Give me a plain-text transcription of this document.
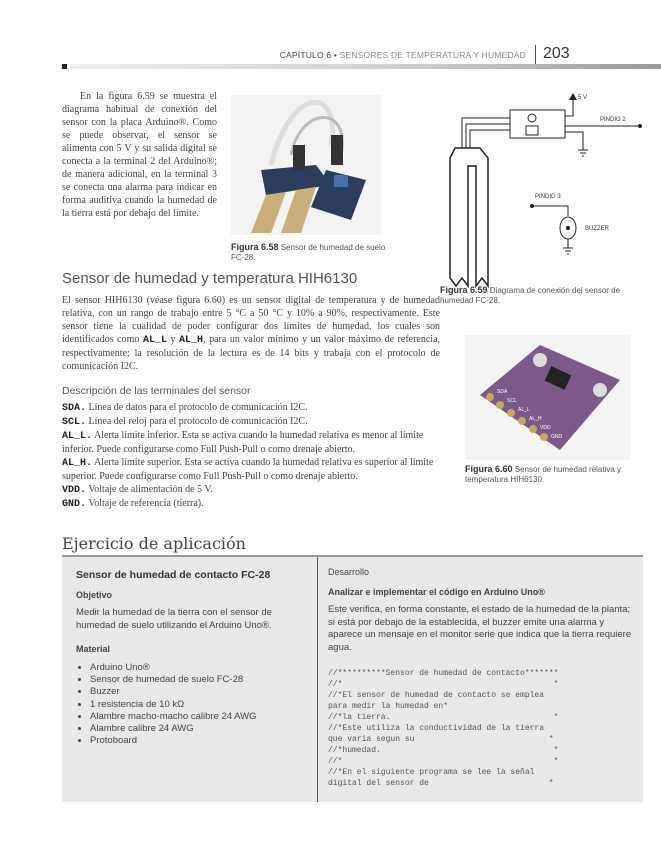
CAPÍTULO 6 • SENSORES DE TEMPERATURA Y HUMEDAD 203
En la figura 6.59 se muestra el diagrama habitual de conexión del sensor con la placa Arduino®. Como se puede observar, el sensor se alimenta con 5 V y su salida digital se conecta a la terminal 2 del Arduino®; de manera adicional, en la terminal 3 se conecta una alarma para indicar en forma auditiva cuando la humedad de la tierra está por debajo del límite.
Figura 6.58 Sensor de humedad de suelo FC-28.
5 V
PINDIG 2
PINDIG 3
BUZZER
Figura 6.59 Diagrama de conexión del sensor de humedad FC-28.
Sensor de humedad y temperatura HIH6130
El sensor HIH6130 (véase figura 6.60) es un sensor digital de temperatura y de humedad relativa, con un rango de trabajo entre 5 °C a 50 °C y 10% a 90%, respectivamente. Este sensor tiene la cualidad de poder configurar dos límites de humedad, los cuales son identificados como AL_L y AL_H, para un valor mínimo y un valor máximo de referencia, respectivamente; la resolución de la lectura es de 14 bits y trabaja con el protocolo de comunicación I2C.
Descripción de las terminales del sensor
SDA. Línea de datos para el protocolo de comunicación I2C.
SCL. Línea del reloj para el protocolo de comunicación I2C.
AL_L. Alerta límite inferior. Esta se activa cuando la humedad relativa es menor al límite inferior. Puede configurarse como Full Push-Pull o como drenaje abierto.
AL_H. Alerta límite superior. Esta se activa cuando la humedad relativa es superior al límite superior. Puede configurarse como Full Push-Pull o como drenaje abierto.
VDD. Voltaje de alimentación de 5 V.
GND. Voltaje de referencia (tierra).
SDA
SCL
AL_L
AL_H
VDD
GND
Figura 6.60 Sensor de humedad relativa y temperatura HIH6130.
Ejercicio de aplicación
Sensor de humedad de contacto FC-28
Objetivo
Medir la humedad de la tierra con el sensor de humedad de suelo utilizando el Arduino Uno®.
Material
• Arduino Uno®
• Sensor de humedad de suelo FC-28
• Buzzer
• 1 resistencia de 10 kΩ
• Alambre macho-macho calibre 24 AWG
• Alambre calibre 24 AWG
• Protoboard
Desarrollo
Analizar e implementar el código en Arduino Uno®
Este verifica, en forma constante, el estado de la humedad de la planta; si está por debajo de la establecida, el buzzer emite una alarma y aparece un mensaje en el monitor serie que indica que la tierra requiere agua.
//**********Sensor de humedad de contacto*******
//*                                            *
//*El sensor de humedad de contacto se emplea
para medir la humedad en*
//*la tierra.                                  *
//*Este utiliza la conductividad de la tierra
que varia segun su                            *
//*humedad.                                    *
//*                                            *
//*En el siguiente programa se lee la señal
digital del sensor de                         *
